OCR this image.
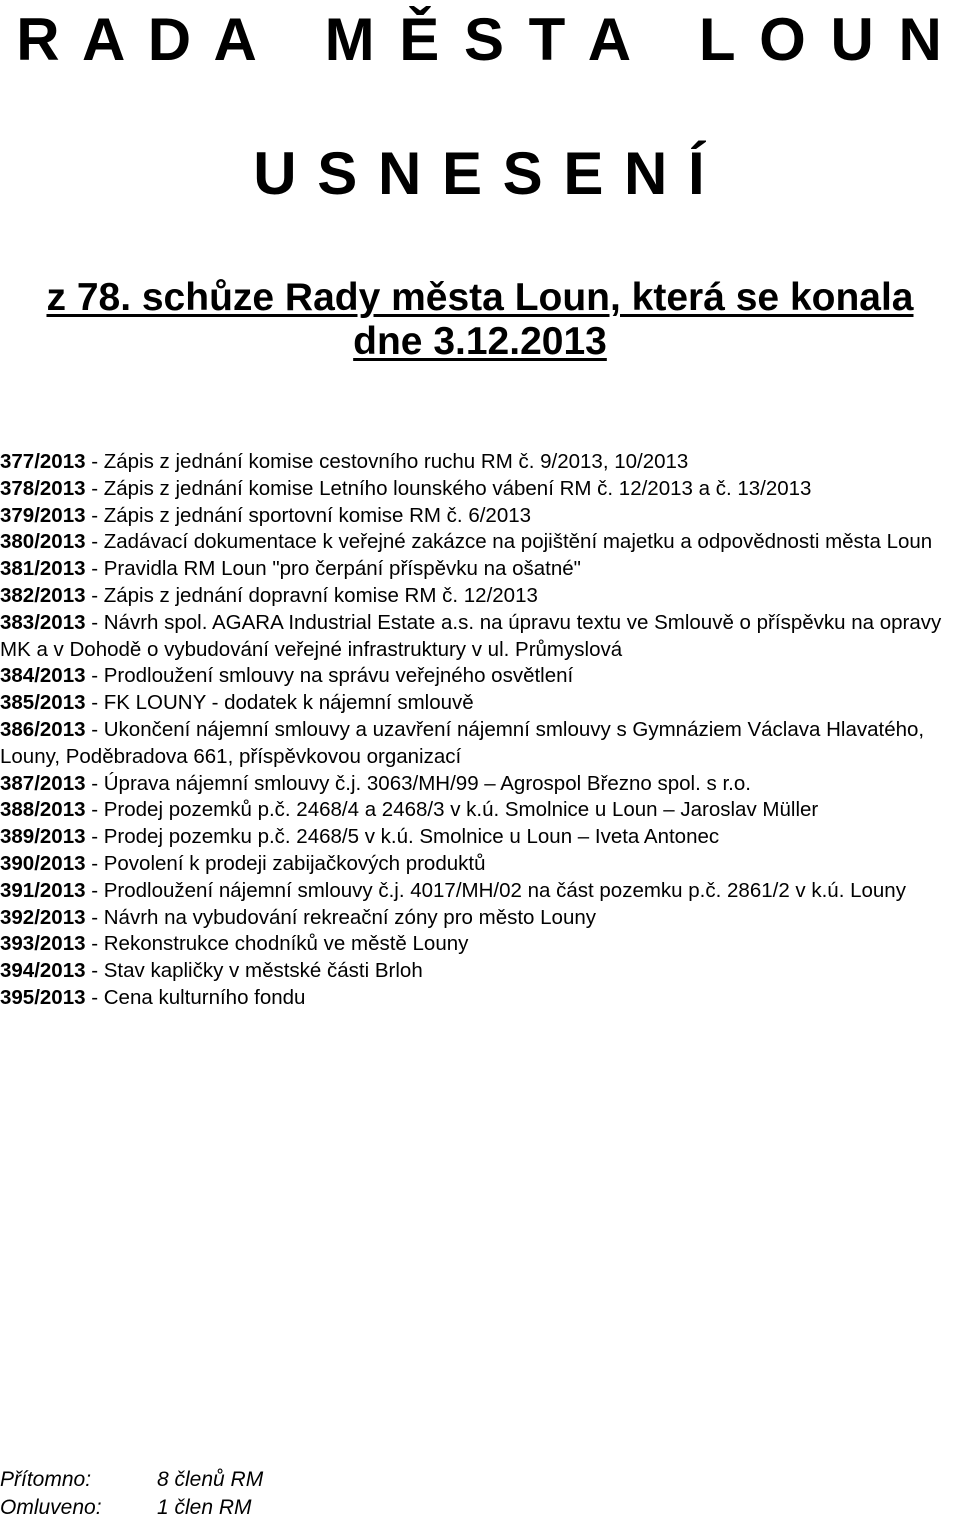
R A D A   M Ě S T A   L O U N
U S N E S E N Í

z 78. schůze Rady města Loun, která se konala

dne 3.12.2013

377/2013 - Zápis z jednání komise cestovního ruchu RM č. 9/2013, 10/2013

378/2013 - Zápis z jednání komise Letního lounského vábení RM č. 12/2013 a č. 13/2013

379/2013 - Zápis z jednání sportovní komise RM č. 6/2013

380/2013 - Zadávací dokumentace k veřejné zakázce na pojištění majetku a odpovědnosti města Loun

381/2013 - Pravidla RM Loun "pro čerpání příspěvku na ošatné"

382/2013 - Zápis z jednání dopravní komise RM č. 12/2013

383/2013 - Návrh spol. AGARA Industrial Estate a.s. na úpravu textu ve Smlouvě o příspěvku na opravy MK a v Dohodě o vybudování veřejné infrastruktury v ul. Průmyslová

384/2013 - Prodloužení smlouvy na správu veřejného osvětlení

385/2013 - FK LOUNY - dodatek k nájemní smlouvě

386/2013 - Ukončení nájemní smlouvy a uzavření nájemní smlouvy s Gymnáziem Václava Hlavatého, Louny, Poděbradova 661, příspěvkovou organizací

387/2013 - Úprava nájemní smlouvy č.j. 3063/MH/99 – Agrospol Březno spol. s r.o.

388/2013 - Prodej pozemků p.č. 2468/4 a 2468/3 v k.ú. Smolnice u Loun – Jaroslav Müller

389/2013 - Prodej pozemku p.č. 2468/5 v k.ú. Smolnice u Loun – Iveta Antonec

390/2013 - Povolení k prodeji zabijačkových produktů

391/2013 - Prodloužení nájemní smlouvy č.j. 4017/MH/02 na část pozemku p.č. 2861/2 v k.ú. Louny

392/2013 - Návrh na vybudování rekreační zóny pro město Louny

393/2013 - Rekonstrukce chodníků ve městě Louny

394/2013 - Stav kapličky v městské části Brloh

395/2013 - Cena kulturního fondu

Přítomno:	8 členů RM
Omluveno:	1 člen RM
